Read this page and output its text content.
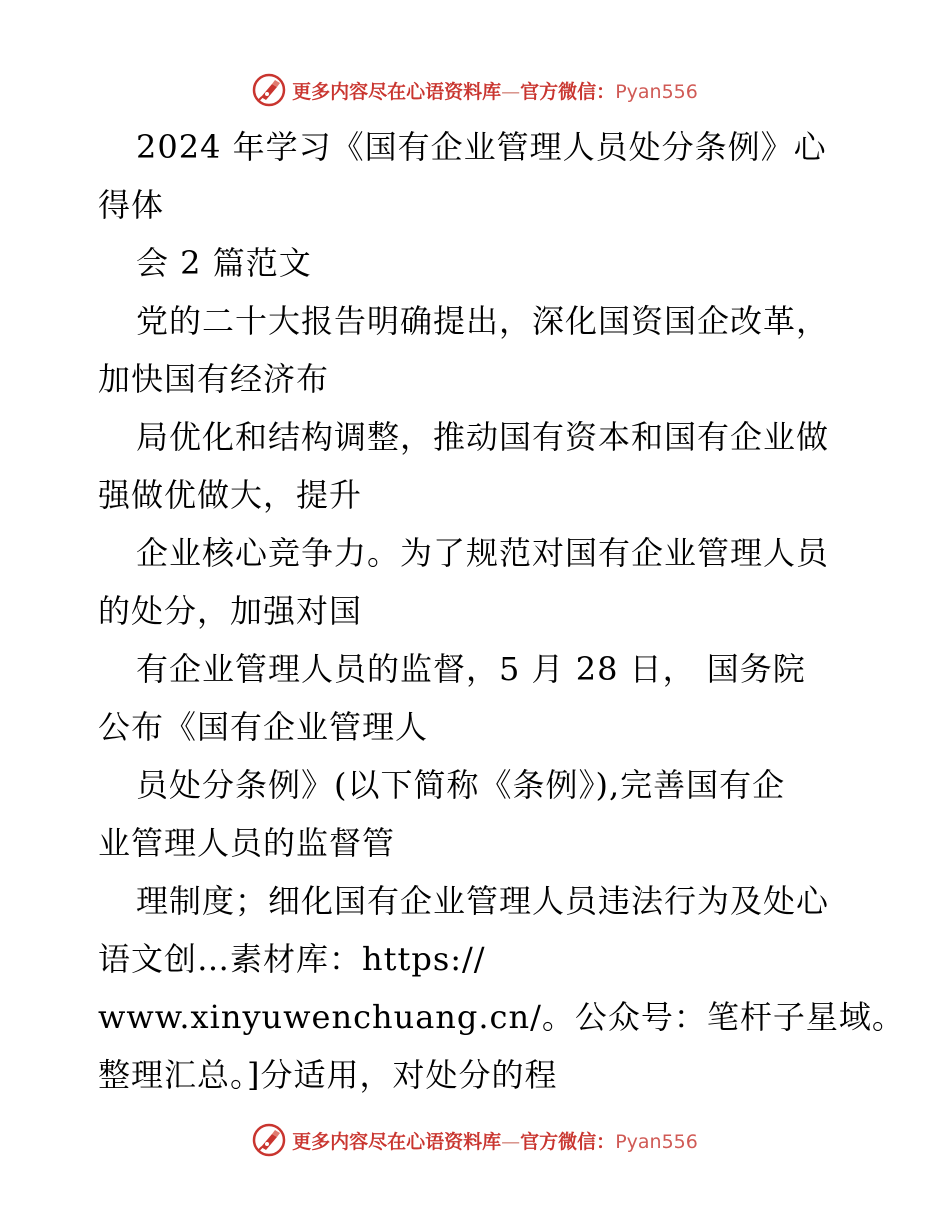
更多内容尽在心语资料库—官方微信：Pyan556
2024 年学习《国有企业管理人员处分条例》心
得体
会 2 篇范文
党的二十大报告明确提出，深化国资国企改革，
加快国有经济布
局优化和结构调整，推动国有资本和国有企业做
强做优做大，提升
企业核心竞争力。为了规范对国有企业管理人员
的处分，加强对国
有企业管理人员的监督，5 月 28 日， 国务院
公布《国有企业管理人
员处分条例》(以下简称《条例》),完善国有企
业管理人员的监督管
理制度；细化国有企业管理人员违法行为及处心
语文创…素材库：https://
www.xinyuwenchuang.cn/。公众号：笔杆子星域。
整理汇总。]分适用，对处分的程
更多内容尽在心语资料库—官方微信：Pyan556
